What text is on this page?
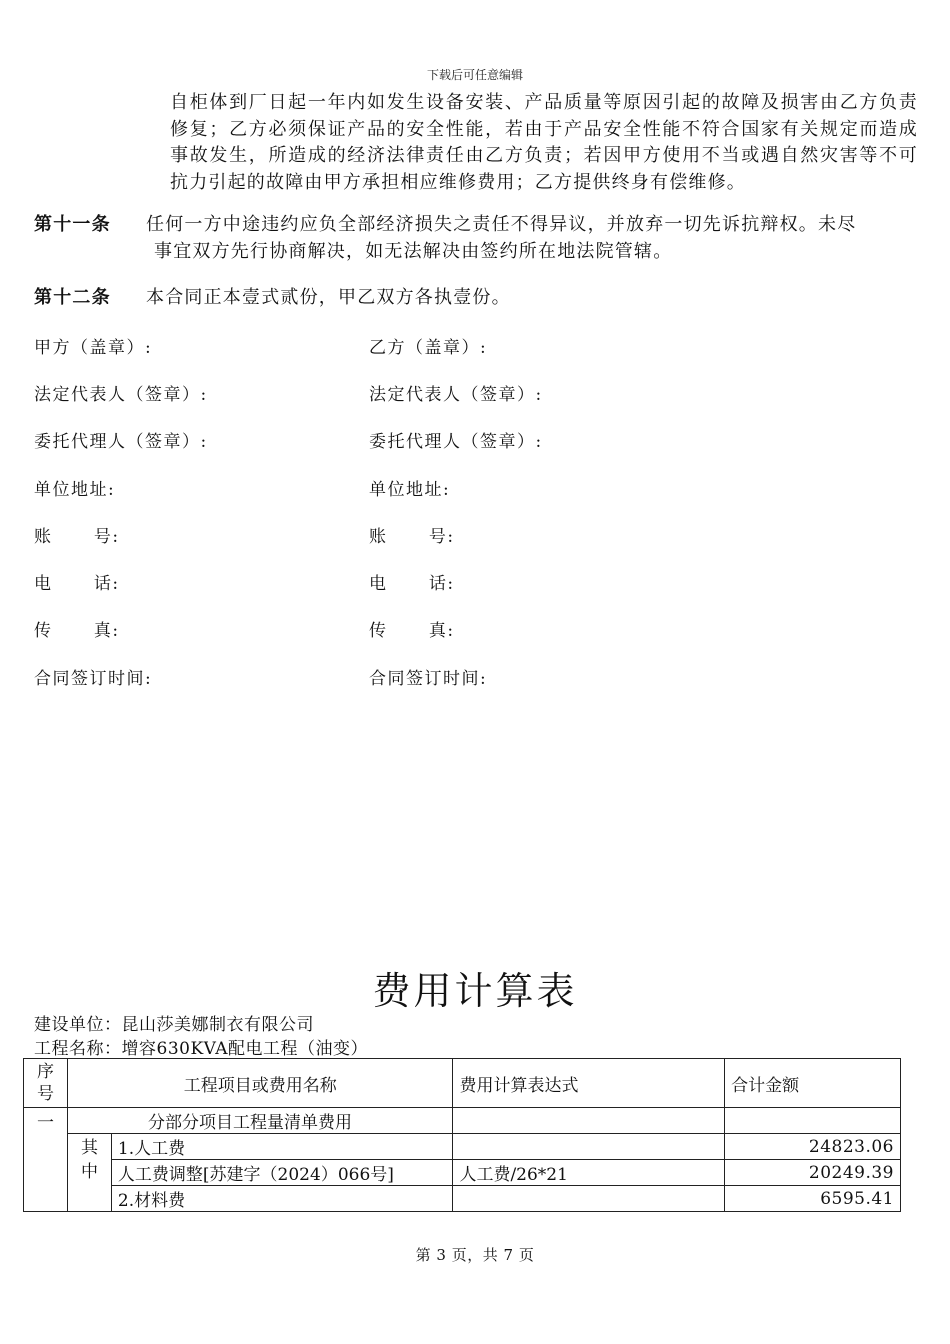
下载后可任意编辑
自柜体到厂日起一年内如发生设备安装、产品质量等原因引起的故障及损害由乙方负责修复；乙方必须保证产品的安全性能，若由于产品安全性能不符合国家有关规定而造成事故发生，所造成的经济法律责任由乙方负责；若因甲方使用不当或遇自然灾害等不可抗力引起的故障由甲方承担相应维修费用；乙方提供终身有偿维修。
第十一条 任何一方中途违约应负全部经济损失之责任不得异议，并放弃一切先诉抗辩权。未尽
事宜双方先行协商解决，如无法解决由签约所在地法院管辖。
第十二条 本合同正本壹式贰份，甲乙双方各执壹份。
甲方（盖章）:	乙方（盖章）:
法定代表人（签章）:	法定代表人（签章）:
委托代理人（签章）:	委托代理人（签章）:
单位地址:	单位地址:
账      号:	账      号:
电      话:	电      话:
传      真:	传      真:
合同签订时间:	合同签订时间:
费用计算表
建设单位：昆山莎美娜制衣有限公司
工程名称：增容630KVA配电工程（油变）
序号	工程项目或费用名称		费用计算表达式	合计金额
一	分部分项目工程量清单费用			
	其中	1.人工费		24823.06
		人工费调整[苏建字（2024）066号]	人工费/26*21	20249.39
		2.材料费		6595.41
第 3 页，共 7 页
